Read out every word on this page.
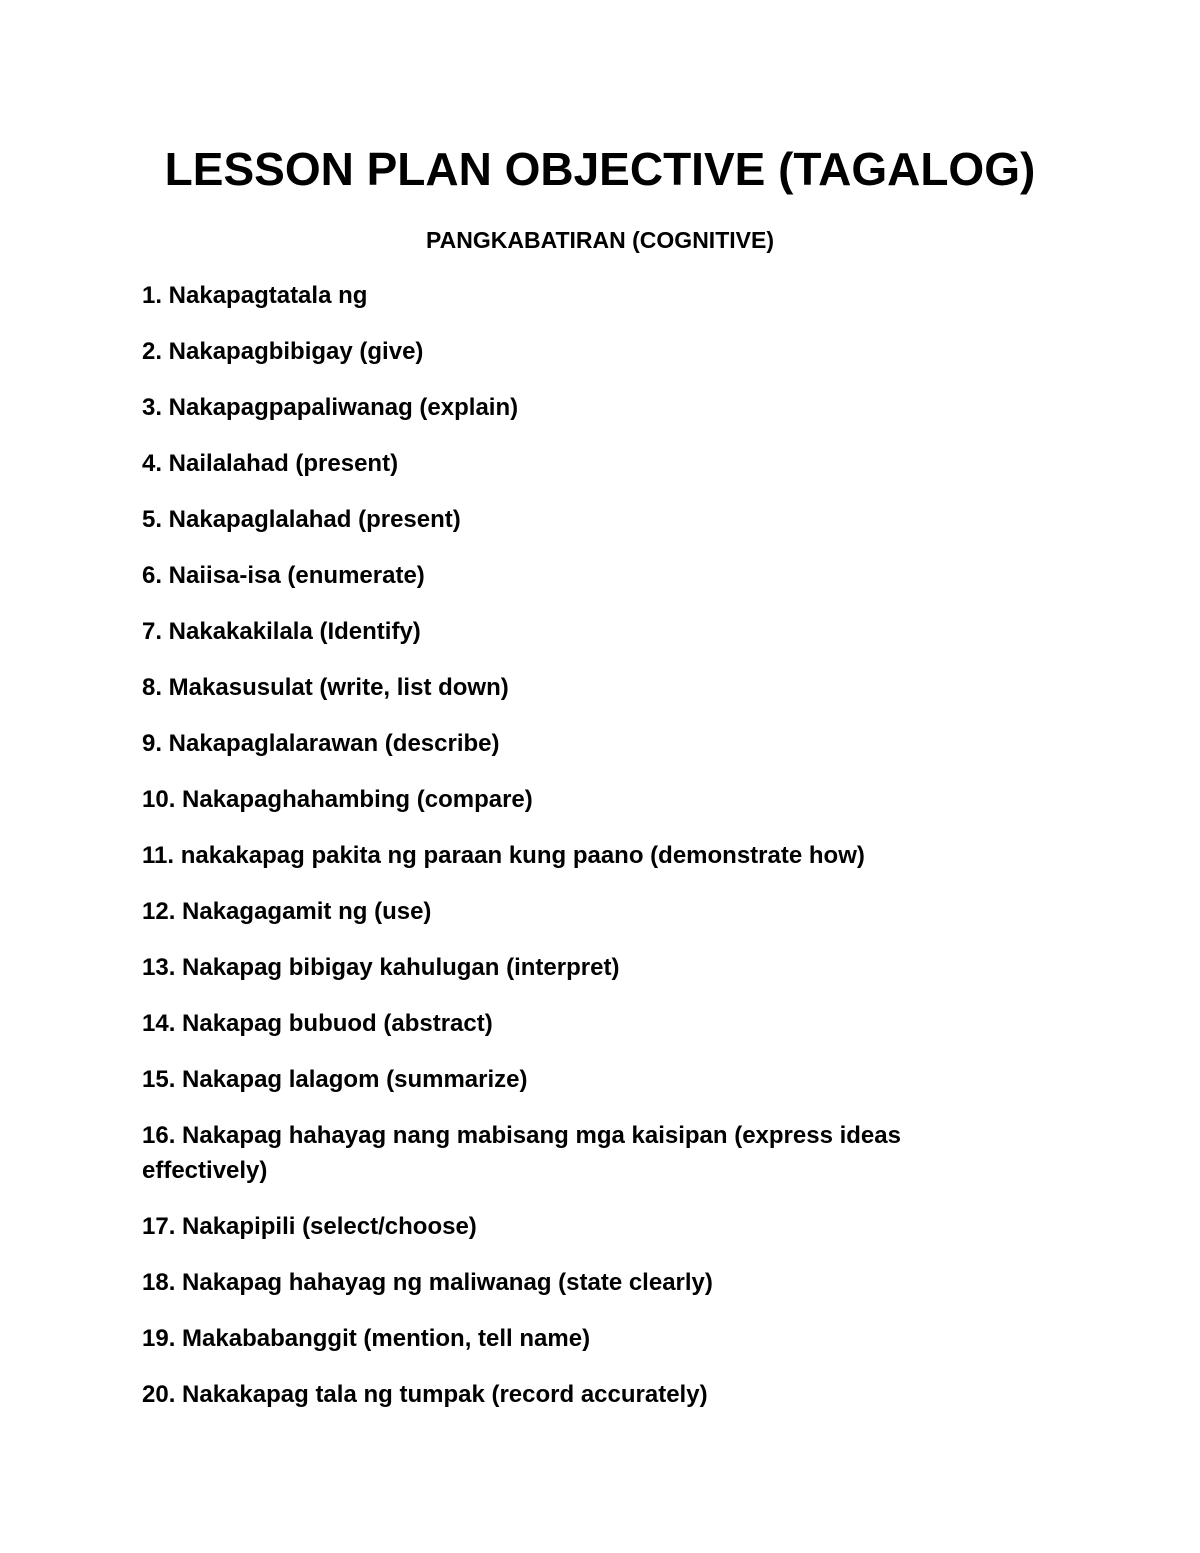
LESSON PLAN OBJECTIVE (TAGALOG)
PANGKABATIRAN (COGNITIVE)
1. Nakapagtatala ng
2. Nakapagbibigay (give)
3. Nakapagpapaliwanag (explain)
4. Nailalahad (present)
5. Nakapaglalahad (present)
6. Naiisa-isa (enumerate)
7. Nakakakilala (Identify)
8. Makasusulat (write, list down)
9. Nakapaglalarawan (describe)
10. Nakapaghahambing (compare)
11. nakakapag pakita ng paraan kung paano (demonstrate how)
12. Nakagagamit ng (use)
13. Nakapag bibigay kahulugan (interpret)
14. Nakapag bubuod (abstract)
15. Nakapag lalagom (summarize)
16. Nakapag hahayag nang mabisang mga kaisipan (express ideas effectively)
17. Nakapipili (select/choose)
18. Nakapag hahayag ng maliwanag (state clearly)
19. Makababanggit (mention, tell name)
20. Nakakapag tala ng tumpak (record accurately)
